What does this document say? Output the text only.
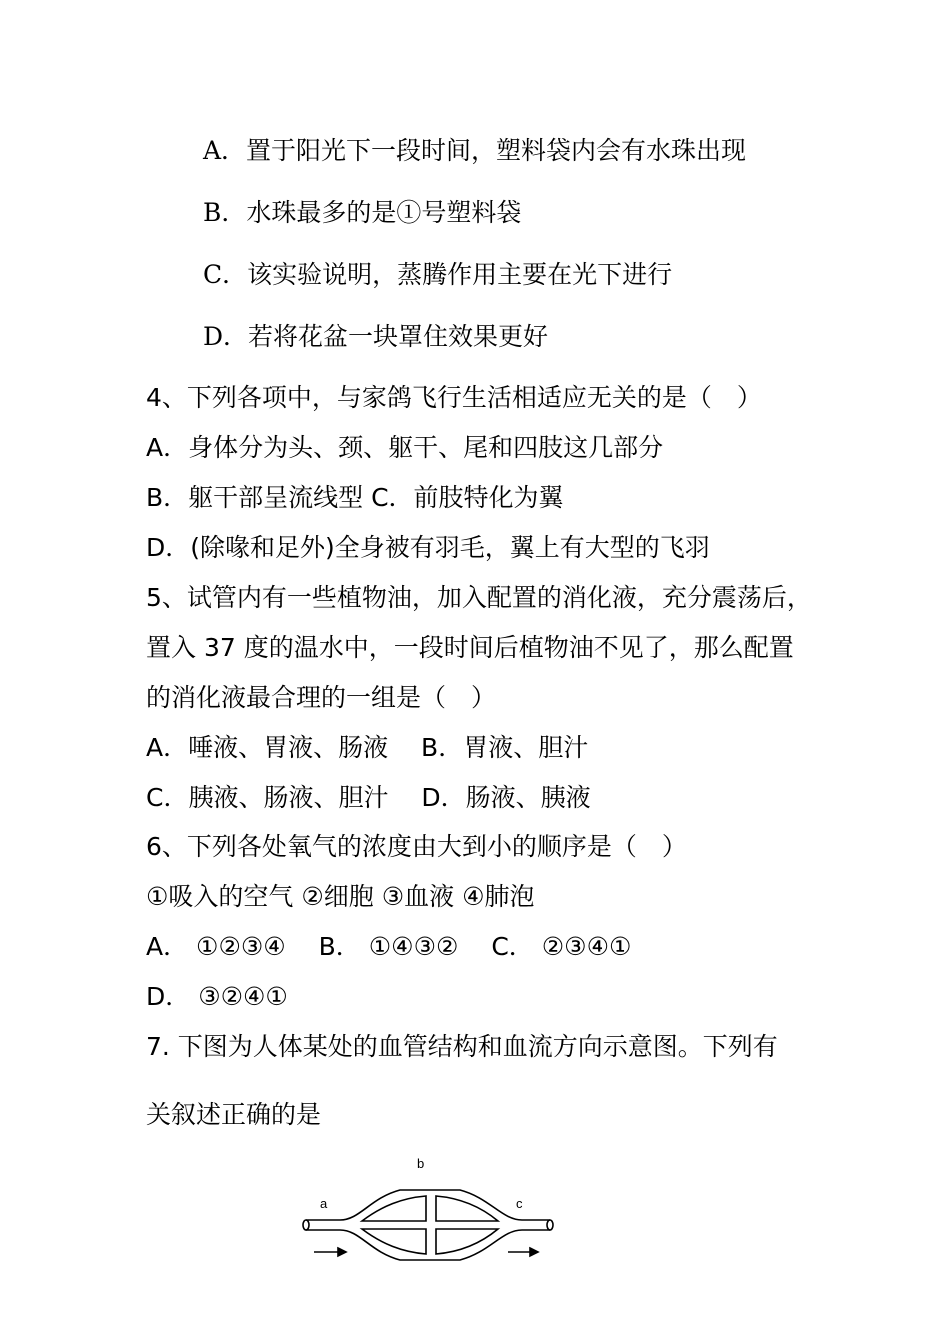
A．置于阳光下一段时间，塑料袋内会有水珠出现
B．水珠最多的是①号塑料袋
C．该实验说明，蒸腾作用主要在光下进行
D．若将花盆一块罩住效果更好
4、下列各项中，与家鸽飞行生活相适应无关的是（　）
A．身体分为头、颈、躯干、尾和四肢这几部分
B．躯干部呈流线型 C．前肢特化为翼
D．(除喙和足外)全身被有羽毛，翼上有大型的飞羽
5、试管内有一些植物油，加入配置的消化液，充分震荡后，
置入 37 度的温水中，一段时间后植物油不见了，那么配置
的消化液最合理的一组是（　）
A．唾液、胃液、肠液　 B．胃液、胆汁
C．胰液、肠液、胆汁　 D．肠液、胰液
6、下列各处氧气的浓度由大到小的顺序是（　）
①吸入的空气 ②细胞 ③血液 ④肺泡
A． ①②③④　 B． ①④③②　 C． ②③④①
D． ③②④①
7. 下图为人体某处的血管结构和血流方向示意图。下列有
关叙述正确的是
a
b
c
